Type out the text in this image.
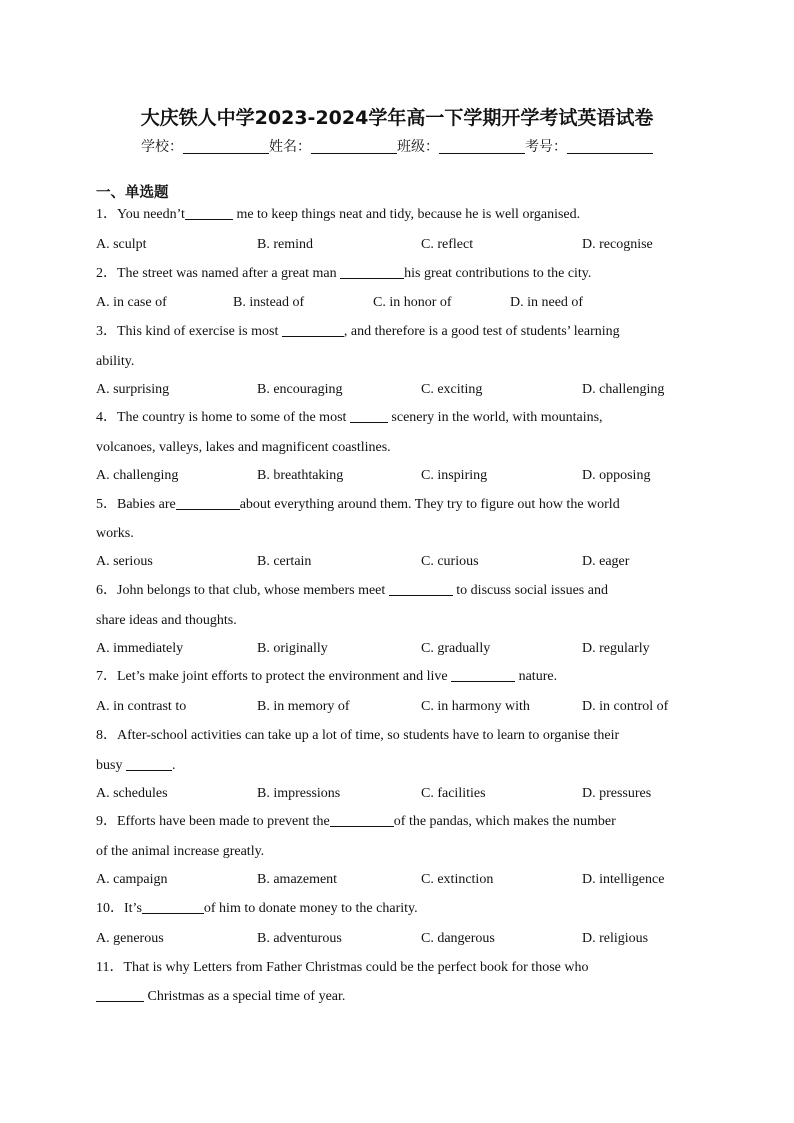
大庆铁人中学2023-2024学年高一下学期开学考试英语试卷
学校：	姓名：	班级：	考号：
一、单选题
1．You needn’t	me to keep things neat and tidy, because he is well organised.
A. sculpt	B. remind	C. reflect	D. recognise
2．The street was named after a great man	his great contributions to the city.
A. in case of	B. instead of	C. in honor of	D. in need of
3．This kind of exercise is most	, and therefore is a good test of students’ learning
ability.
A. surprising	B. encouraging	C. exciting	D. challenging
4．The country is home to some of the most	scenery in the world, with mountains,
volcanoes, valleys, lakes and magnificent coastlines.
A. challenging	B. breathtaking	C. inspiring	D. opposing
5．Babies are	about everything around them. They try to figure out how the world
works.
A. serious	B. certain	C. curious	D. eager
6．John belongs to that club, whose members meet	to discuss social issues and
share ideas and thoughts.
A. immediately	B. originally	C. gradually	D. regularly
7．Let’s make joint efforts to protect the environment and live	nature.
A. in contrast to	B. in memory of	C. in harmony with	D. in control of
8．After-school activities can take up a lot of time, so students have to learn to organise their
busy	.
A. schedules	B. impressions	C. facilities	D. pressures
9．Efforts have been made to prevent the	of the pandas, which makes the number
of the animal increase greatly.
A. campaign	B. amazement	C. extinction	D. intelligence
10．It’s	of him to donate money to the charity.
A. generous	B. adventurous	C. dangerous	D. religious
11．That is why Letters from Father Christmas could be the perfect book for those who
Christmas as a special time of year.
